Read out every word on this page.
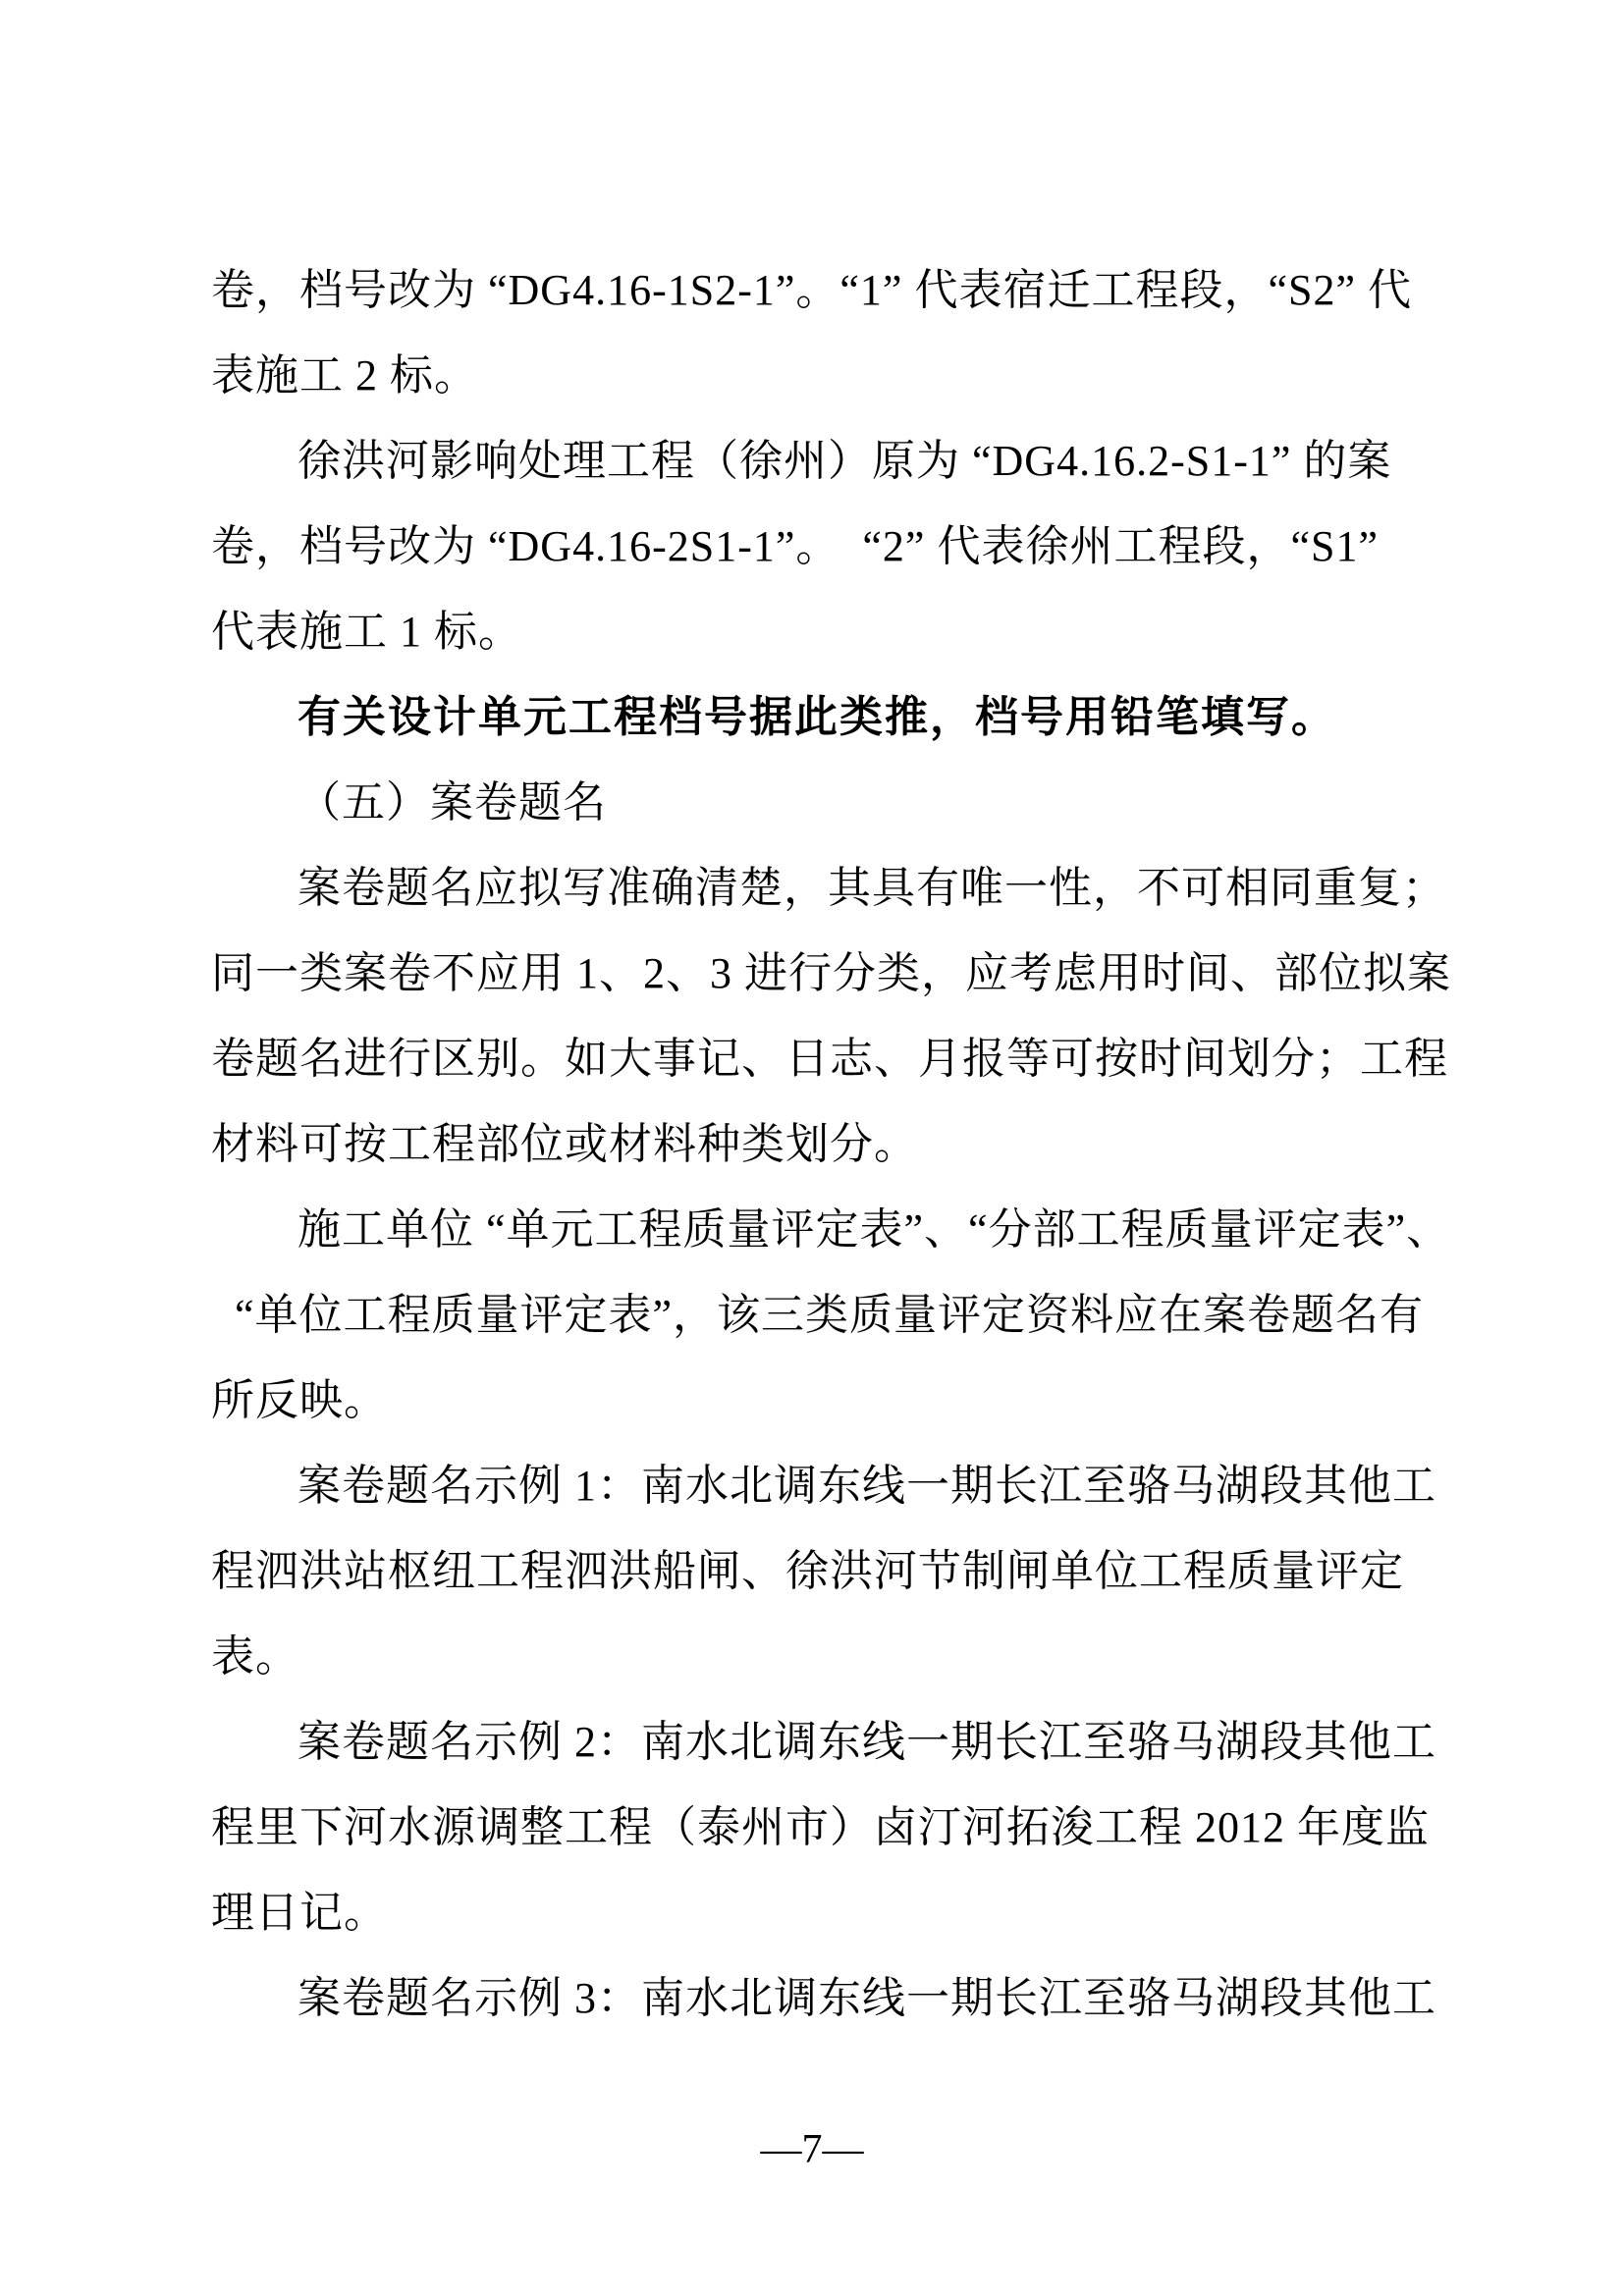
卷，档号改为 “DG4.16-1S2-1”。“1” 代表宿迁工程段，“S2” 代
表施工 2 标。
徐洪河影响处理工程（徐州）原为 “DG4.16.2-S1-1” 的案
卷，档号改为 “DG4.16-2S1-1”。　“2” 代表徐州工程段，“S1”
代表施工 1 标。
有关设计单元工程档号据此类推，档号用铅笔填写。
（五）案卷题名
案卷题名应拟写准确清楚，其具有唯一性，不可相同重复；
同一类案卷不应用 1、2、3 进行分类，应考虑用时间、部位拟案
卷题名进行区别。如大事记、日志、月报等可按时间划分；工程
材料可按工程部位或材料种类划分。
施工单位 “单元工程质量评定表”、“分部工程质量评定表”、
“单位工程质量评定表”，该三类质量评定资料应在案卷题名有
所反映。
案卷题名示例 1：南水北调东线一期长江至骆马湖段其他工
程泗洪站枢纽工程泗洪船闸、徐洪河节制闸单位工程质量评定
表。
案卷题名示例 2：南水北调东线一期长江至骆马湖段其他工
程里下河水源调整工程（泰州市）卤汀河拓浚工程 2012 年度监
理日记。
案卷题名示例 3：南水北调东线一期长江至骆马湖段其他工
—7—
